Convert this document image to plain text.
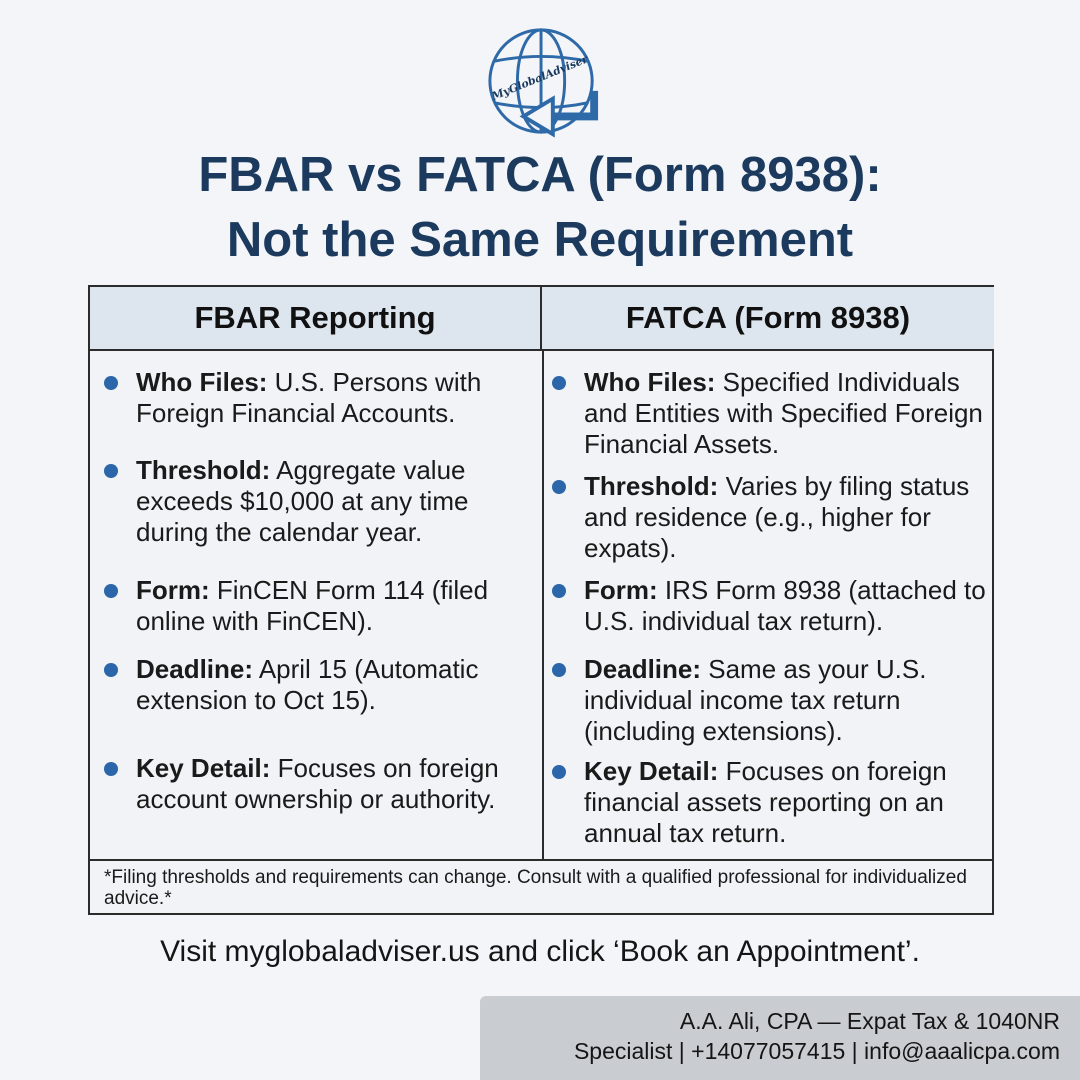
MyGlobalAdviser
FBAR vs FATCA (Form 8938):
Not the Same Requirement
FBAR Reporting	FATCA (Form 8938)
Who Files: U.S. Persons with Foreign Financial Accounts.
Threshold: Aggregate value exceeds $10,000 at any time during the calendar year.
Form: FinCEN Form 114 (filed online with FinCEN).
Deadline: April 15 (Automatic extension to Oct 15).
Key Detail: Focuses on foreign account ownership or authority.
Who Files: Specified Individuals and Entities with Specified Foreign Financial Assets.
Threshold: Varies by filing status and residence (e.g., higher for expats).
Form: IRS Form 8938 (attached to U.S. individual tax return).
Deadline: Same as your U.S. individual income tax return (including extensions).
Key Detail: Focuses on foreign financial assets reporting on an annual tax return.
*Filing thresholds and requirements can change. Consult with a qualified professional for individualized advice.*
Visit myglobaladviser.us and click ‘Book an Appointment’.
A.A. Ali, CPA — Expat Tax & 1040NR
Specialist | +14077057415 | info@aaalicpa.com
